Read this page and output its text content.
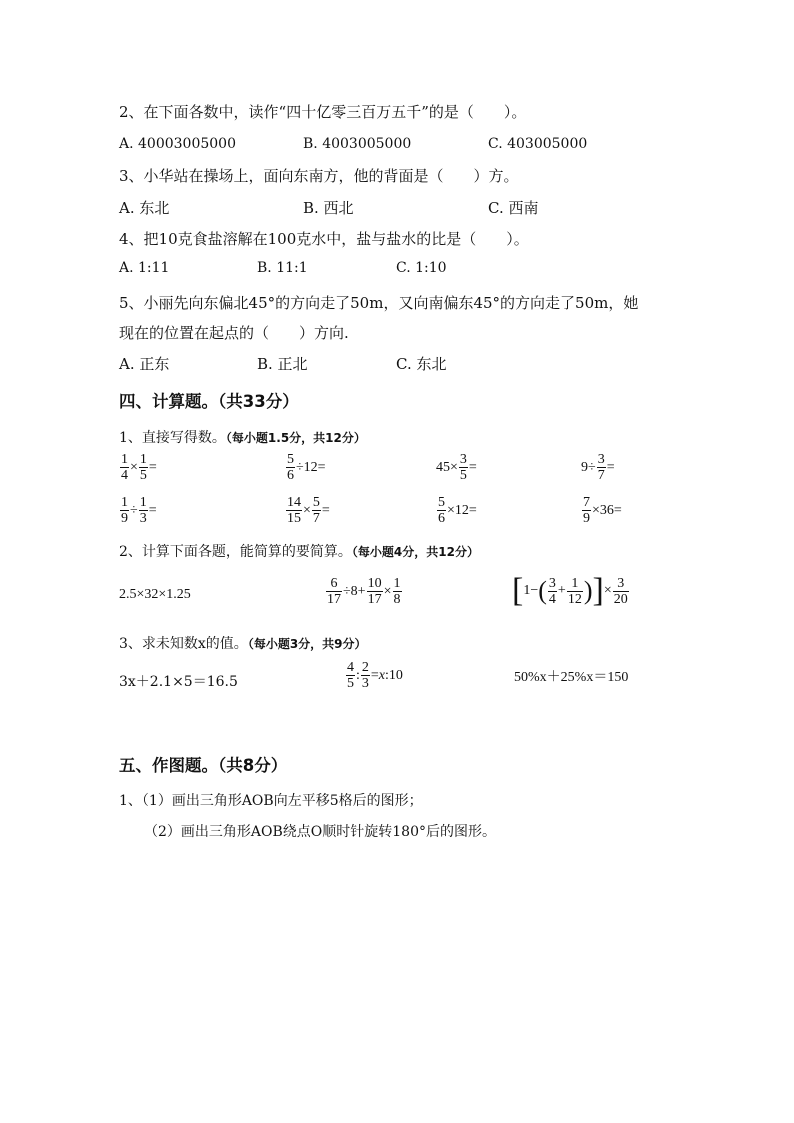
2、在下面各数中，读作“四十亿零三百万五千”的是（　　）。
A. 40003005000	B. 4003005000	C. 403005000
3、小华站在操场上，面向东南方，他的背面是（　　）方。
A. 东北	B. 西北	C. 西南
4、把10克食盐溶解在100克水中，盐与盐水的比是（　　）。
A. 1:11	B. 11:1	C. 1:10
5、小丽先向东偏北45°的方向走了50m，又向南偏东45°的方向走了50m，她
现在的位置在起点的（　　）方向.
A. 正东	B. 正北	C. 东北
四、计算题。（共33分）
1、直接写得数。（每小题1.5分，共12分）
$\frac{1}{4} \times \frac{1}{5}$ =	$\frac{5}{6} \div 12=$	$45\times \frac{3}{5}$ =	$9\div \frac{3}{7}$ =
$\frac{1}{9} \div \frac{1}{3}$ =	$\frac{14}{15} \times \frac{5}{7}$ =	$\frac{5}{6} \times 12=$	$\frac{7}{9} \times 36=$
2、计算下面各题，能简算的要简算。（每小题4分，共12分）
2.5×32×1.25	$\frac{6}{17} \div 8+ \frac{10}{17} \times \frac{1}{8}$	[ 1− ( $\frac{3}{4} + \frac{1}{12}$ ) ] × $\frac{3}{20}$
3、求未知数x的值。（每小题3分，共9分）
3x＋2.1×5＝16.5	$\frac{4}{5}$ : $\frac{2}{3} = x$ :10	50%x＋25%x＝150
五、作图题。（共8分）
1、（1）画出三角形AOB向左平移5格后的图形；
（2）画出三角形AOB绕点O顺时针旋转180°后的图形。
